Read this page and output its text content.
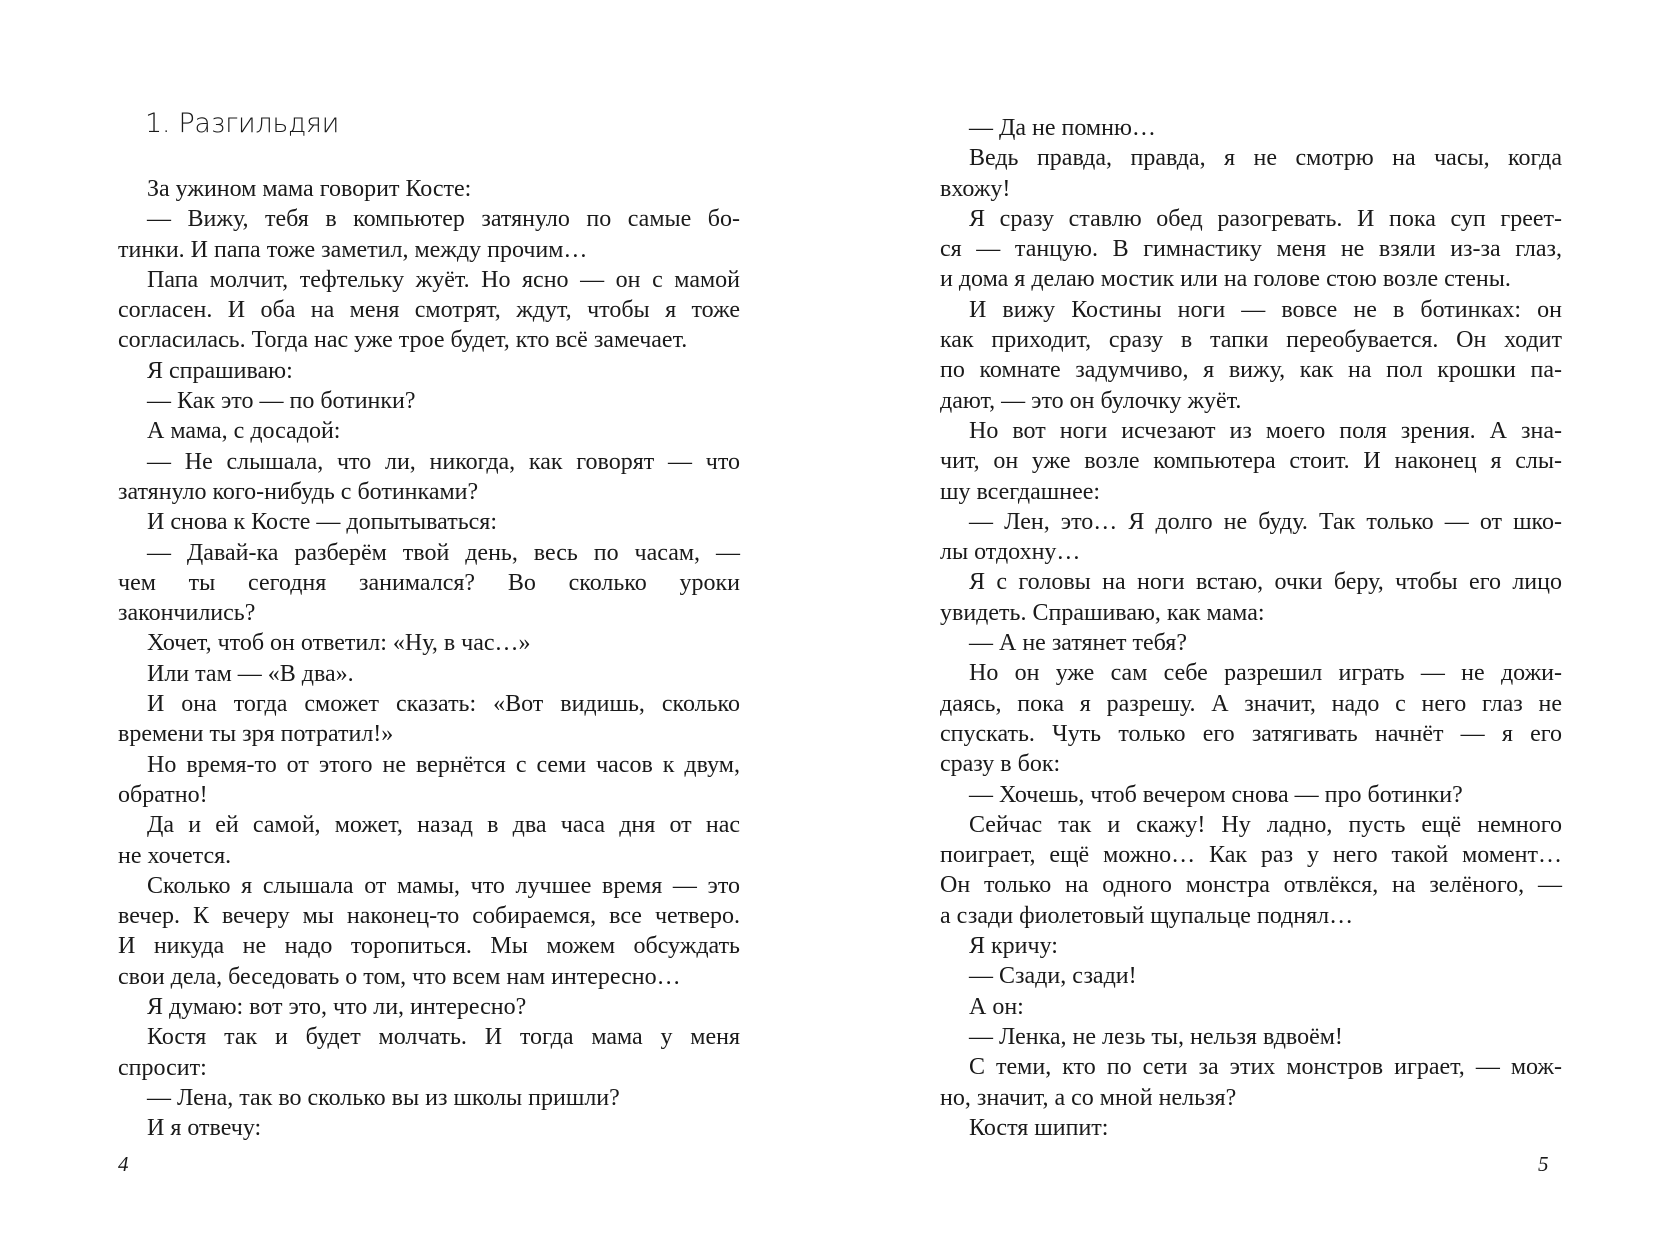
1. Разгильдяи
За ужином мама говорит Косте:
— Вижу, тебя в компьютер затянуло по самые бо-
тинки. И папа тоже заметил, между прочим…
Папа молчит, тефтельку жуёт. Но ясно — он с мамой
согласен. И оба на меня смотрят, ждут, чтобы я тоже
согласилась. Тогда нас уже трое будет, кто всё замечает.
Я спрашиваю:
— Как это — по ботинки?
А мама, с досадой:
— Не слышала, что ли, никогда, как говорят — что
затянуло кого-нибудь с ботинками?
И снова к Косте — допытываться:
— Давай-ка разберём твой день, весь по часам, —
чем ты сегодня занимался? Во сколько уроки
закончились?
Хочет, чтоб он ответил: «Ну, в час…»
Или там — «В два».
И она тогда сможет сказать: «Вот видишь, сколько
времени ты зря потратил!»
Но время-то от этого не вернётся с семи часов к двум,
обратно!
Да и ей самой, может, назад в два часа дня от нас
не хочется.
Сколько я слышала от мамы, что лучшее время — это
вечер. К вечеру мы наконец-то собираемся, все четверо.
И никуда не надо торопиться. Мы можем обсуждать
свои дела, беседовать о том, что всем нам интересно…
Я думаю: вот это, что ли, интересно?
Костя так и будет молчать. И тогда мама у меня
спросит:
— Лена, так во сколько вы из школы пришли?
И я отвечу:
4
— Да не помню…
Ведь правда, правда, я не смотрю на часы, когда
вхожу!
Я сразу ставлю обед разогревать. И пока суп греет-
ся — танцую. В гимнастику меня не взяли из-за глаз,
и дома я делаю мостик или на голове стою возле стены.
И вижу Костины ноги — вовсе не в ботинках: он
как приходит, сразу в тапки переобувается. Он ходит
по комнате задумчиво, я вижу, как на пол крошки па-
дают, — это он булочку жуёт.
Но вот ноги исчезают из моего поля зрения. А зна-
чит, он уже возле компьютера стоит. И наконец я слы-
шу всегдашнее:
— Лен, это… Я долго не буду. Так только — от шко-
лы отдохну…
Я с головы на ноги встаю, очки беру, чтобы его лицо
увидеть. Спрашиваю, как мама:
— А не затянет тебя?
Но он уже сам себе разрешил играть — не дожи-
даясь, пока я разрешу. А значит, надо с него глаз не
спускать. Чуть только его затягивать начнёт — я его
сразу в бок:
— Хочешь, чтоб вечером снова — про ботинки?
Сейчас так и скажу! Ну ладно, пусть ещё немного
поиграет, ещё можно… Как раз у него такой момент…
Он только на одного монстра отвлёкся, на зелёного, —
а сзади фиолетовый щупальце поднял…
Я кричу:
— Сзади, сзади!
А он:
— Ленка, не лезь ты, нельзя вдвоём!
С теми, кто по сети за этих монстров играет, — мож-
но, значит, а со мной нельзя?
Костя шипит:
5
